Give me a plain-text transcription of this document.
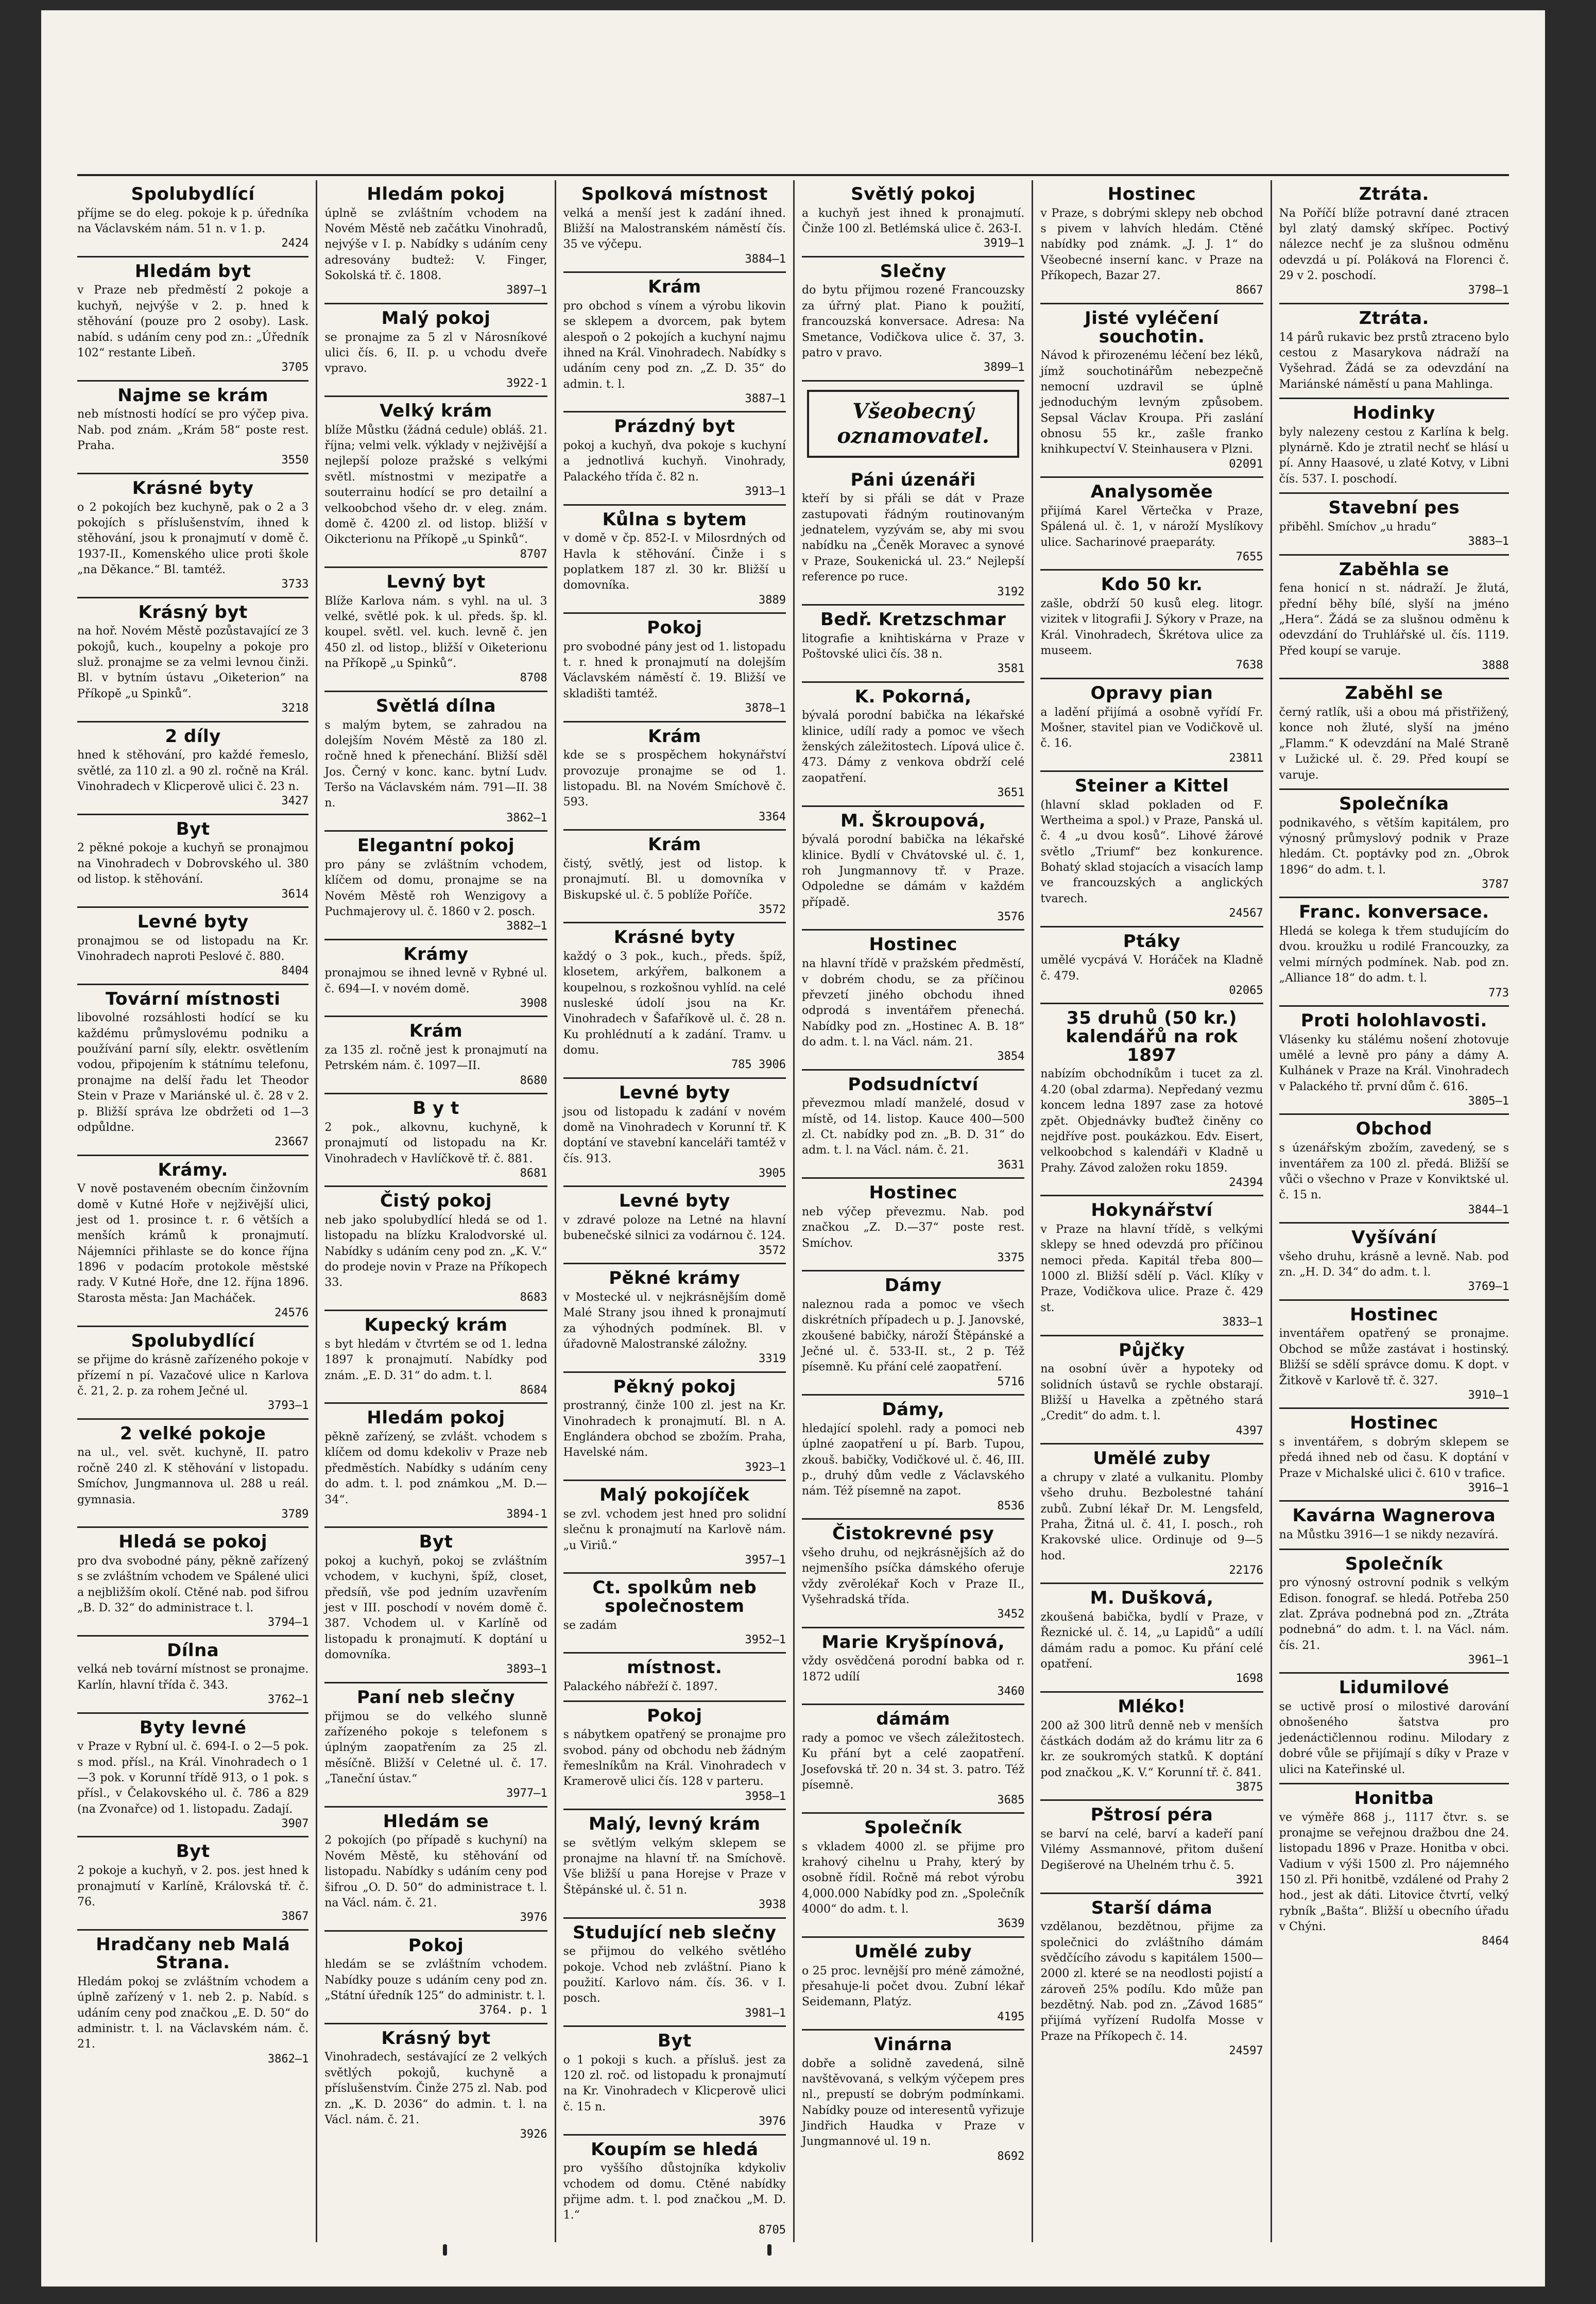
Spolubydlící

příjme se do eleg. pokoje k p. úředníka na Václavském nám. 51 n. v 1. p.

2424
Hledám byt

v Praze neb předměstí 2 pokoje a kuchyň, nejvýše v 2. p. hned k stěhování (pouze pro 2 osoby). Lask. nabíd. s udáním ceny pod zn.: „Úředník 102“ restante Libeň.

3705
Najme se krám

neb místnosti hodící se pro výčep piva. Nab. pod znám. „Krám 58“ poste rest. Praha.

3550
Krásné byty

o 2 pokojích bez kuchyně, pak o 2 a 3 pokojích s příslušenstvím, ihned k stěhování, jsou k pronajmutí v domě č. 1937-II., Komenského ulice proti škole „na Děkance.“ Bl. tamtéž.

3733
Krásný byt

na hoř. Novém Městě pozůstavající ze 3 pokojů, kuch., koupelny a pokoje pro služ. pronajme se za velmi levnou činži. Bl. v bytním ústavu „Oiketerion“ na Příkopě „u Spinků“.

3218
2 díly

hned k stěhování, pro každé řemeslo, světlé, za 110 zl. a 90 zl. ročně na Král. Vinohradech v Klicperově ulici č. 23 n.

3427
Byt

2 pěkné pokoje a kuchyň se pronajmou na Vinohradech v Dobrovského ul. 380 od listop. k stěhování.

3614
Levné byty

pronajmou se od listopadu na Kr. Vinohradech naproti Peslové č. 880.

8404
Tovární místnosti

libovolné rozsáhlosti hodící se ku každému průmyslovému podniku a používání parní síly, elektr. osvětlením vodou, připojením k státnímu telefonu, pronajme na delší řadu let Theodor Stein v Praze v Mariánské ul. č. 28 v 2. p. Bližší správa lze obdržeti od 1—3 odpůldne.

23667
Krámy.

V nově postaveném obecním činžovním domě v Kutné Hoře v nejživější ulici, jest od 1. prosince t. r. 6 větších a menších krámů k pronajmutí. Nájemníci přihlaste se do konce října 1896 v podacím protokole městské rady. V Kutné Hoře, dne 12. října 1896. Starosta města: Jan Macháček.

24576
Spolubydlící

se přijme do krásně zařízeného pokoje v přízemí n pí. Vazačové ulice n Karlova č. 21, 2. p. za rohem Ječné ul.

3793—1
2 velké pokoje

na ul., vel. svět. kuchyně, II. patro ročně 240 zl. K stěhování v listopadu. Smíchov, Jungmannova ul. 288 u reál. gymnasia.

3789
Hledá se pokoj

pro dva svobodné pány, pěkně zařízený s se zvláštním vchodem ve Spálené ulici a nejbližším okolí. Ctěné nab. pod šifrou „B. D. 32“ do administrace t. l.

3794—1
Dílna

velká neb tovární místnost se pronajme. Karlín, hlavní třída č. 343.

3762—1
Byty levné

v Praze v Rybní ul. č. 694-I. o 2—5 pok. s mod. přísl., na Král. Vinohradech o 1—3 pok. v Korunní třídě 913, o 1 pok. s přísl., v Čelakovského ul. č. 786 a 829 (na Zvonařce) od 1. listopadu. Zadají.

3907
Byt

2 pokoje a kuchyň, v 2. pos. jest hned k pronajmutí v Karlíně, Královská tř. č. 76.

3867
Hradčany neb Malá Strana.

Hledám pokoj se zvláštním vchodem a úplně zařízený v 1. neb 2. p. Nabíd. s udáním ceny pod značkou „E. D. 50“ do administr. t. l. na Václavském nám. č. 21.

3862—1
Hledám pokoj

úplně se zvláštním vchodem na Novém Městě neb začátku Vinohradů, nejvýše v I. p. Nabídky s udáním ceny adresovány budtež: V. Finger, Sokolská tř. č. 1808.

3897—1
Malý pokoj

se pronajme za 5 zl v Nárosníkové ulici čís. 6, II. p. u vchodu dveře vpravo.

3922-1
Velký krám

blíže Můstku (žádná cedule) obláš. 21. října; velmi velk. výklady v nejživější a nejlepší poloze pražské s velkými světl. místnostmi v mezipatře a souterrainu hodící se pro detailní a velkoobchod všeho dr. v eleg. znám. domě č. 4200 zl. od listop. bližší v Oikcterionu na Příkopě „u Spinků“.

8707
Levný byt

Blíže Karlova nám. s vyhl. na ul. 3 velké, světlé pok. k ul. předs. šp. kl. koupel. světl. vel. kuch. levně č. jen 450 zl. od listop., bližší v Oiketerionu na Příkopě „u Spinků“.

8708
Světlá dílna

s malým bytem, se zahradou na dolejším Novém Městě za 180 zl. ročně hned k přenechání. Bližší sděl Jos. Černý v konc. kanc. bytní Ludv. Teršo na Václavském nám. 791—II. 38 n.

3862—1
Elegantní pokoj

pro pány se zvláštním vchodem, klíčem od domu, pronajme se na Novém Městě roh Wenzigovy a Puchmajerovy ul. č. 1860 v 2. posch.

3882—1
Krámy

pronajmou se ihned levně v Rybné ul. č. 694—I. v novém domě.

3908
Krám

za 135 zl. ročně jest k pronajmutí na Petrském nám. č. 1097—II.

8680
B y t

2 pok., alkovnu, kuchyně, k pronajmutí od listopadu na Kr. Vinohradech v Havlíčkově tř. č. 881.

8681
Čistý pokoj

neb jako spolubydlící hledá se od 1. listopadu na blízku Kralodvorské ul. Nabídky s udáním ceny pod zn. „K. V.“ do prodeje novin v Praze na Příkopech 33.

8683
Kupecký krám

s byt hledám v čtvrtém se od 1. ledna 1897 k pronajmutí. Nabídky pod znám. „E. D. 31“ do adm. t. l.

8684
Hledám pokoj

pěkně zařízený, se zvlášt. vchodem s klíčem od domu kdekoliv v Praze neb předměstích. Nabídky s udáním ceny do adm. t. l. pod známkou „M. D.—34“.

3894-1
Byt

pokoj a kuchyň, pokoj se zvláštním vchodem, v kuchyni, špíž, closet, předsíň, vše pod jedním uzavřením jest v III. poschodí v novém domě č. 387. Vchodem ul. v Karlíně od listopadu k pronajmutí. K doptání u domovníka.

3893—1
Paní neb slečny

přijmou se do velkého slunně zařízeného pokoje s telefonem s úplným zaopatřením za 25 zl. měsíčně. Bližší v Celetné ul. č. 17. „Taneční ústav.“

3977—1
Hledám se

2 pokojích (po případě s kuchyní) na Novém Městě, ku stěhování od listopadu. Nabídky s udáním ceny pod šifrou „O. D. 50“ do administrace t. l. na Václ. nám. č. 21.

3976
Pokoj

hledám se se zvláštním vchodem. Nabídky pouze s udáním ceny pod zn. „Státní úředník 125“ do administr. t. l.

3764. p. 1
Krásný byt

Vinohradech, sestávající ze 2 velkých světlých pokojů, kuchyně a příslušenstvím. Činže 275 zl. Nab. pod zn. „K. D. 2036“ do admin. t. l. na Václ. nám. č. 21.

3926
Spolková místnost

velká a menší jest k zadání ihned. Bližší na Malostranském náměstí čís. 35 ve výčepu.

3884—1
Krám

pro obchod s vínem a výrobu likovin se sklepem a dvorcem, pak bytem alespoň o 2 pokojích a kuchyní najmu ihned na Král. Vinohradech. Nabídky s udáním ceny pod zn. „Z. D. 35“ do admin. t. l.

3887—1
Prázdný byt

pokoj a kuchyň, dva pokoje s kuchyní a jednotlivá kuchyň. Vinohrady, Palackého třída č. 82 n.

3913—1
Kůlna s bytem

v domě v čp. 852-I. v Milosrdných od Havla k stěhování. Činže i s poplatkem 187 zl. 30 kr. Bližší u domovníka.

3889
Pokoj

pro svobodné pány jest od 1. listopadu t. r. hned k pronajmutí na dolejším Václavském náměstí č. 19. Bližší ve skladišti tamtéž.

3878—1
Krám

kde se s prospěchem hokynářství provozuje pronajme se od 1. listopadu. Bl. na Novém Smíchově č. 593.

3364
Krám

čistý, světlý, jest od listop. k pronajmutí. Bl. u domovníka v Biskupské ul. č. 5 poblíže Poříče.

3572
Krásné byty

každý o 3 pok., kuch., předs. špíž, klosetem, arkýřem, balkonem a koupelnou, s rozkošnou vyhlíd. na celé nusleské údolí jsou na Kr. Vinohradech v Šafaříkově ul. č. 28 n. Ku prohlédnutí a k zadání. Tramv. u domu.

785 3906
Levné byty

jsou od listopadu k zadání v novém domě na Vinohradech v Korunní tř. K doptání ve stavební kanceláři tamtéž v čís. 913.

3905
Levné byty

v zdravé poloze na Letné na hlavní bubenečské silnici za vodárnou č. 124.

3572
Pěkné krámy

v Mostecké ul. v nejkrásnějším domě Malé Strany jsou ihned k pronajmutí za výhodných podmínek. Bl. v úřadovně Malostranské záložny.

3319
Pěkný pokoj

prostranný, činže 100 zl. jest na Kr. Vinohradech k pronajmutí. Bl. n A. Englándera obchod se zbožím. Praha, Havelské nám.

3923—1
Malý pokojíček

se zvl. vchodem jest hned pro solidní slečnu k pronajmutí na Karlově nám. „u Viriů.“

3957—1
Ct. spolkům neb společnostem

se zadám

3952—1
místnost.

Palackého nábřeží č. 1897.

Pokoj

s nábytkem opatřený se pronajme pro svobod. pány od obchodu neb žádným řemeslníkům na Král. Vinohradech v Kramerově ulici čís. 128 v parteru.

3958—1
Malý, levný krám

se světlým velkým sklepem se pronajme na hlavní tř. na Smíchově. Vše bližší u pana Horejse v Praze v Štěpánské ul. č. 51 n.

3938
Studující neb slečny

se přijmou do velkého světlého pokoje. Vchod neb zvláštní. Piano k použití. Karlovo nám. čís. 36. v I. posch.

3981—1
Byt

o 1 pokoji s kuch. a přísluš. jest za 120 zl. roč. od listopadu k pronajmutí na Kr. Vinohradech v Klicperově ulici č. 15 n.

3976
Koupím se hledá

pro vyššího důstojníka kdykoliv vchodem od domu. Ctěné nabídky přijme adm. t. l. pod značkou „M. D. 1.“

8705
Světlý pokoj

a kuchyň jest ihned k pronajmutí. Činže 100 zl. Betlémská ulice č. 263-I.

3919—1
Slečny

do bytu přijmou rozené Francouzsky za úřrný plat. Piano k použití, francouzská konversace. Adresa: Na Smetance, Vodičkova ulice č. 37, 3. patro v pravo.

3899—1
Všeobecný oznamovatel.
Páni úzenáři

kteří by si přáli se dát v Praze zastupovati řádným routinovaným jednatelem, vyzývám se, aby mi svou nabídku na „Čeněk Moravec a synové v Praze, Soukenická ul. 23.“ Nejlepší reference po ruce.

3192
Bedř. Kretzschmar

litografie a knihtiskárna v Praze v Poštovské ulici čís. 38 n.

3581
K. Pokorná,

bývalá porodní babička na lékařské klinice, udílí rady a pomoc ve všech ženských záležitostech. Lípová ulice č. 473. Dámy z venkova obdrží celé zaopatření.

3651
M. Škroupová,

bývalá porodní babička na lékařské klinice. Bydlí v Chvátovské ul. č. 1, roh Jungmannovy tř. v Praze. Odpoledne se dámám v každém případě.

3576
Hostinec

na hlavní třídě v pražském předměstí, v dobrém chodu, se za příčinou převzetí jiného obchodu ihned odprodá s inventářem přenechá. Nabídky pod zn. „Hostinec A. B. 18“ do adm. t. l. na Václ. nám. 21.

3854
Podsudníctví

převezmou mladí manželé, dosud v místě, od 14. listop. Kauce 400—500 zl. Ct. nabídky pod zn. „B. D. 31“ do adm. t. l. na Václ. nám. č. 21.

3631
Hostinec

neb výčep převezmu. Nab. pod značkou „Z. D.—37“ poste rest. Smíchov.

3375
Dámy

naleznou rada a pomoc ve všech diskrétních případech u p. J. Janovské, zkoušené babičky, nároží Štěpánské a Ječné ul. č. 533-II. st., 2 p. Též písemně. Ku přání celé zaopatření.

5716
Dámy,

hledající spolehl. rady a pomoci neb úplné zaopatření u pí. Barb. Tupou, zkouš. babičky, Vodičkové ul. č. 46, III. p., druhý dům vedle z Václavského nám. Též písemně na zapot.

8536
Čistokrevné psy

všeho druhu, od nejkrásnějších až do nejmenšího psíčka dámského oferuje vždy zvěrolékař Koch v Praze II., Vyšehradská třída.

3452
Marie Kryšpínová,

vždy osvědčená porodní babka od r. 1872 udílí

3460
dámám

rady a pomoc ve všech záležitostech. Ku přání byt a celé zaopatření. Josefovská tř. 20 n. 34 st. 3. patro. Též písemně.

3685
Společník

s vkladem 4000 zl. se přijme pro krahový cihelnu u Prahy, který by osobně řídil. Ročně má rebot výrobu 4,000.000 Nabídky pod zn. „Společník 4000“ do adm. t. l.

3639
Umělé zuby

o 25 proc. levnější pro méně zámožné, přesahuje-li počet dvou. Zubní lékař Seidemann, Platýz.

4195
Vinárna

dobře a solidně zavedená, silně navštěvovaná, s velkým výčepem pres nl., prepustí se dobrým podmínkami. Nabídky pouze od interesentů vyřizuje Jindřich Haudka v Praze v Jungmannové ul. 19 n.

8692
Hostinec

v Praze, s dobrými sklepy neb obchod s pivem v lahvích hledám. Ctěné nabídky pod známk. „J. J. 1“ do Všeobecné inserní kanc. v Praze na Příkopech, Bazar 27.

8667
Jisté vyléčení souchotin.

Návod k přirozenému léčení bez léků, jímž souchotinářům nebezpečně nemocní uzdravil se úplně jednoduchým levným způsobem. Sepsal Václav Kroupa. Při zaslání obnosu 55 kr., zašle franko knihkupectví V. Steinhausera v Plzni.

02091
Analysoměe

přijímá Karel Věrtečka v Praze, Spálená ul. č. 1, v nároží Myslíkovy ulice. Sacharinové praeparáty.

7655
Kdo 50 kr.

zašle, obdrží 50 kusů eleg. litogr. vizitek v litografii J. Sýkory v Praze, na Král. Vinohradech, Škrétova ulice za museem.

7638
Opravy pian

a ladění přijímá a osobně vyřídí Fr. Mošner, stavitel pian ve Vodičkově ul. č. 16.

23811
Steiner a Kittel

(hlavní sklad pokladen od F. Wertheima a spol.) v Praze, Panská ul. č. 4 „u dvou kosů“. Lihové žárové světlo „Triumf“ bez konkurence. Bohatý sklad stojacích a visacích lamp ve francouzských a anglických tvarech.

24567
Ptáky

umělé vycpává V. Horáček na Kladně č. 479.

02065
35 druhů (50 kr.) kalendářů na rok 1897

nabízím obchodníkům i tucet za zl. 4.20 (obal zdarma). Nepředaný vezmu koncem ledna 1897 zase za hotové zpět. Objednávky buďtež činěny co nejdříve post. poukázkou. Edv. Eisert, velkoobchod s kalendáři v Kladně u Prahy. Závod založen roku 1859.

24394
Hokynářství

v Praze na hlavní třídě, s velkými sklepy se hned odevzdá pro příčinou nemoci předa. Kapitál třeba 800—1000 zl. Bližší sdělí p. Václ. Klíky v Praze, Vodičkova ulice. Praze č. 429 st.

3833—1
Půjčky

na osobní úvěr a hypoteky od solidních ústavů se rychle obstarají. Bližší u Havelka a zpětného stará „Credit“ do adm. t. l.

4397
Umělé zuby

a chrupy v zlaté a vulkanitu. Plomby všeho druhu. Bezbolestné tahání zubů. Zubní lékař Dr. M. Lengsfeld, Praha, Žitná ul. č. 41, I. posch., roh Krakovské ulice. Ordinuje od 9—5 hod.

22176
M. Dušková,

zkoušená babička, bydlí v Praze, v Řeznické ul. č. 14, „u Lapidů“ a udílí dámám radu a pomoc. Ku přání celé opatření.

1698
Mléko!

200 až 300 litrů denně neb v menších částkách dodám až do krámu litr za 6 kr. ze soukromých statků. K doptání pod značkou „K. V.“ Korunní tř. č. 841.

3875
Pštrosí péra

se barví na celé, barví a kadeří paní Vilémy Assmannové, přitom dušení Degišerové na Uhelném trhu č. 5.

3921
Starší dáma

vzdělanou, bezdětnou, přijme za společnici do zvláštního dámám svědčícího závodu s kapitálem 1500—2000 zl. které se na neodlosti pojistí a zároveň 25% podílu. Kdo může pan bezdětný. Nab. pod zn. „Závod 1685“ přijímá vyřízení Rudolfa Mosse v Praze na Příkopech č. 14.

24597
Ztráta.

Na Poříčí blíže potravní dané ztracen byl zlatý damský skřípec. Poctivý nálezce nechť je za slušnou odměnu odevzdá u pí. Poláková na Florenci č. 29 v 2. poschodí.

3798—1
Ztráta.

14 párů rukavic bez prstů ztraceno bylo cestou z Masarykova nádraží na Vyšehrad. Žádá se za odevzdání na Mariánské náměstí u pana Mahlinga.

Hodinky

byly nalezeny cestou z Karlína k belg. plynárně. Kdo je ztratil nechť se hlásí u pí. Anny Haasové, u zlaté Kotvy, v Libni čís. 537. I. poschodí.

Stavební pes

přiběhl. Smíchov „u hradu“

3883—1
Zaběhla se

fena honicí n st. nádraží. Je žlutá, přední běhy bílé, slyší na jméno „Hera“. Žádá se za slušnou odměnu k odevzdání do Truhlářské ul. čís. 1119. Před koupí se varuje.

3888
Zaběhl se

černý ratlík, uši a obou má přistřižený, konce noh žluté, slyší na jméno „Flamm.“ K odevzdání na Malé Straně v Lužické ul. č. 29. Před koupí se varuje.

Společníka

podnikavého, s větším kapitálem, pro výnosný průmyslový podnik v Praze hledám. Ct. poptávky pod zn. „Obrok 1896“ do adm. t. l.

3787
Franc. konversace.

Hledá se kolega k třem studujícím do dvou. kroužku u rodilé Francouzky, za velmi mírných podmínek. Nab. pod zn. „Alliance 18“ do adm. t. l.

773
Proti holohlavosti.

Vlásenky ku stálému nošení zhotovuje umělé a levně pro pány a dámy A. Kulhánek v Praze na Král. Vinohradech v Palackého tř. první dům č. 616.

3805—1
Obchod

s úzenářským zbožím, zavedený, se s inventářem za 100 zl. předá. Bližší se vůči o všechno v Praze v Konviktské ul. č. 15 n.

3844—1
Vyšívání

všeho druhu, krásně a levně. Nab. pod zn. „H. D. 34“ do adm. t. l.

3769—1
Hostinec

inventářem opatřený se pronajme. Obchod se může zastávat i hostinský. Bližší se sdělí správce domu. K dopt. v Žitkově v Karlově tř. č. 327.

3910—1
Hostinec

s inventářem, s dobrým sklepem se předá ihned neb od času. K doptání v Praze v Michalské ulici č. 610 v trafice.

3916—1
Kavárna Wagnerova

na Můstku 3916—1 se nikdy nezavírá.

Společník

pro výnosný ostrovní podnik s velkým Edison. fonograf. se hledá. Potřeba 250 zlat. Zpráva podnebná pod zn. „Ztráta podnebná“ do adm. t. l. na Václ. nám. čís. 21.

3961—1
Lidumilové

se uctivě prosí o milostivé darování obnošeného šatstva pro jedenáctičlennou rodinu. Milodary z dobré vůle se přijímají s díky v Praze v ulici na Kateřinské ul.

Honitba

ve výměře 868 j., 1117 čtvr. s. se pronajme se veřejnou dražbou dne 24. listopadu 1896 v Praze. Honitba v obci. Vadium v výši 1500 zl. Pro nájemného 150 zl. Při honitbě, vzdálené od Prahy 2 hod., jest ak dáti. Litovice čtvrtí, velký rybník „Bašta“. Bližší u obecního úřadu v Chýni.

8464
